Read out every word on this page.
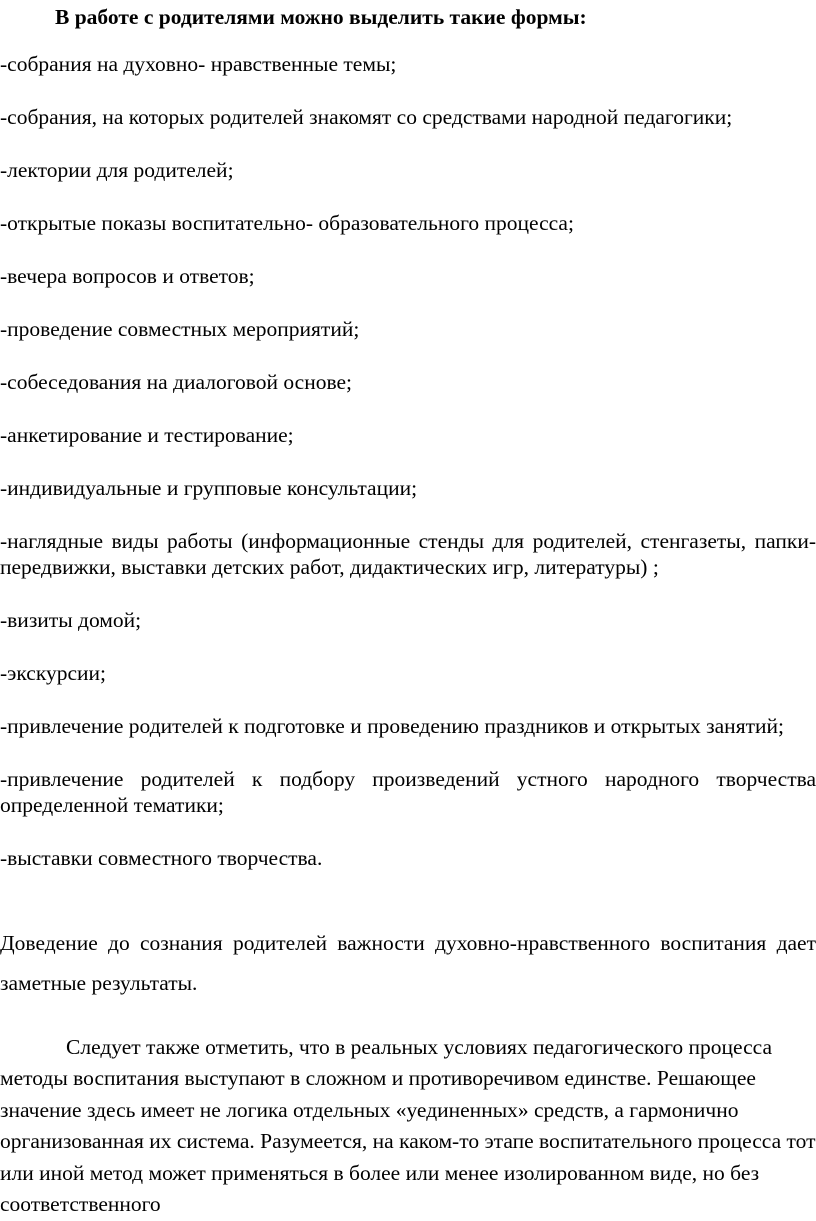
В работе с родителями можно выделить такие формы:

-собрания на духовно- нравственные темы;

-собрания, на которых родителей знакомят со средствами народной педагогики;

-лектории для родителей;

-открытые показы воспитательно- образовательного процесса;

-вечера вопросов и ответов;

-проведение совместных мероприятий;

-собеседования на диалоговой основе;

-анкетирование и тестирование;

-индивидуальные и групповые консультации;

-наглядные виды работы (информационные стенды для родителей, стенгазеты, папки-передвижки, выставки детских работ, дидактических игр, литературы) ;

-визиты домой;

-экскурсии;

-привлечение родителей к подготовке и проведению праздников и открытых занятий;

-привлечение родителей к подбору произведений устного народного творчества определенной тематики;

-выставки совместного творчества.

Доведение до сознания родителей важности духовно-нравственного воспитания дает заметные результаты.

Следует также отметить, что в реальных условиях педагогического процесса методы воспитания выступают в сложном и противоречивом единстве. Решающее значение здесь имеет не логика отдельных «уединенных» средств, а гармонично организованная их система. Разумеется, на каком-то этапе воспитательного процесса тот или иной метод может применяться в более или менее изолированном виде, но без соответственного
